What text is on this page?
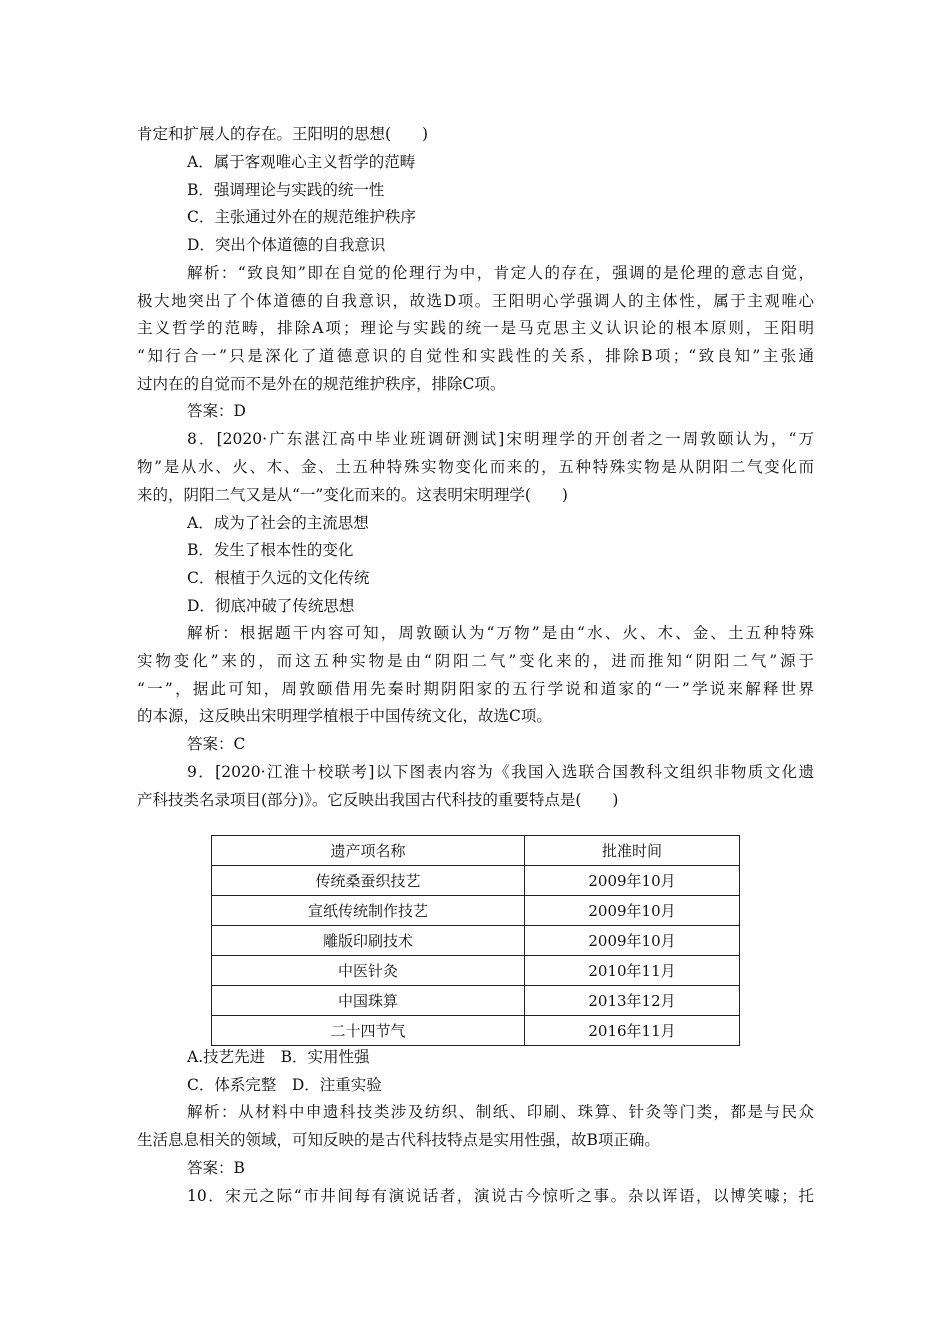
肯定和扩展人的存在。王阳明的思想(　　)
A．属于客观唯心主义哲学的范畴
B．强调理论与实践的统一性
C．主张通过外在的规范维护秩序
D．突出个体道德的自我意识
解析：“致良知”即在自觉的伦理行为中，肯定人的存在，强调的是伦理的意志自觉，
极大地突出了个体道德的自我意识，故选D项。王阳明心学强调人的主体性，属于主观唯心
主义哲学的范畴，排除A项；理论与实践的统一是马克思主义认识论的根本原则，王阳明
“知行合一”只是深化了道德意识的自觉性和实践性的关系，排除B项；“致良知”主张通
过内在的自觉而不是外在的规范维护秩序，排除C项。
答案：D
8．[2020·广东湛江高中毕业班调研测试]宋明理学的开创者之一周敦颐认为，“万
物”是从水、火、木、金、土五种特殊实物变化而来的，五种特殊实物是从阴阳二气变化而
来的，阴阳二气又是从“一”变化而来的。这表明宋明理学(　　)
A．成为了社会的主流思想
B．发生了根本性的变化
C．根植于久远的文化传统
D．彻底冲破了传统思想
解析：根据题干内容可知，周敦颐认为“万物”是由“水、火、木、金、土五种特殊
实物变化”来的，而这五种实物是由“阴阳二气”变化来的，进而推知“阴阳二气”源于
“一”，据此可知，周敦颐借用先秦时期阴阳家的五行学说和道家的“一”学说来解释世界
的本源，这反映出宋明理学植根于中国传统文化，故选C项。
答案：C
9．[2020·江淮十校联考]以下图表内容为《我国入选联合国教科文组织非物质文化遗
产科技类名录项目(部分)》。它反映出我国古代科技的重要特点是(　　)
遗产项名称	批准时间
传统桑蚕织技艺	2009年10月
宣纸传统制作技艺	2009年10月
雕版印刷技术	2009年10月
中医针灸	2010年11月
中国珠算	2013年12月
二十四节气	2016年11月
A.技艺先进　B．实用性强
C．体系完整　D．注重实验
解析：从材料中申遗科技类涉及纺织、制纸、印刷、珠算、针灸等门类，都是与民众
生活息息相关的领域，可知反映的是古代科技特点是实用性强，故B项正确。
答案：B
10．宋元之际“市井间每有演说话者，演说古今惊听之事。杂以诨语，以博笑噱；托
